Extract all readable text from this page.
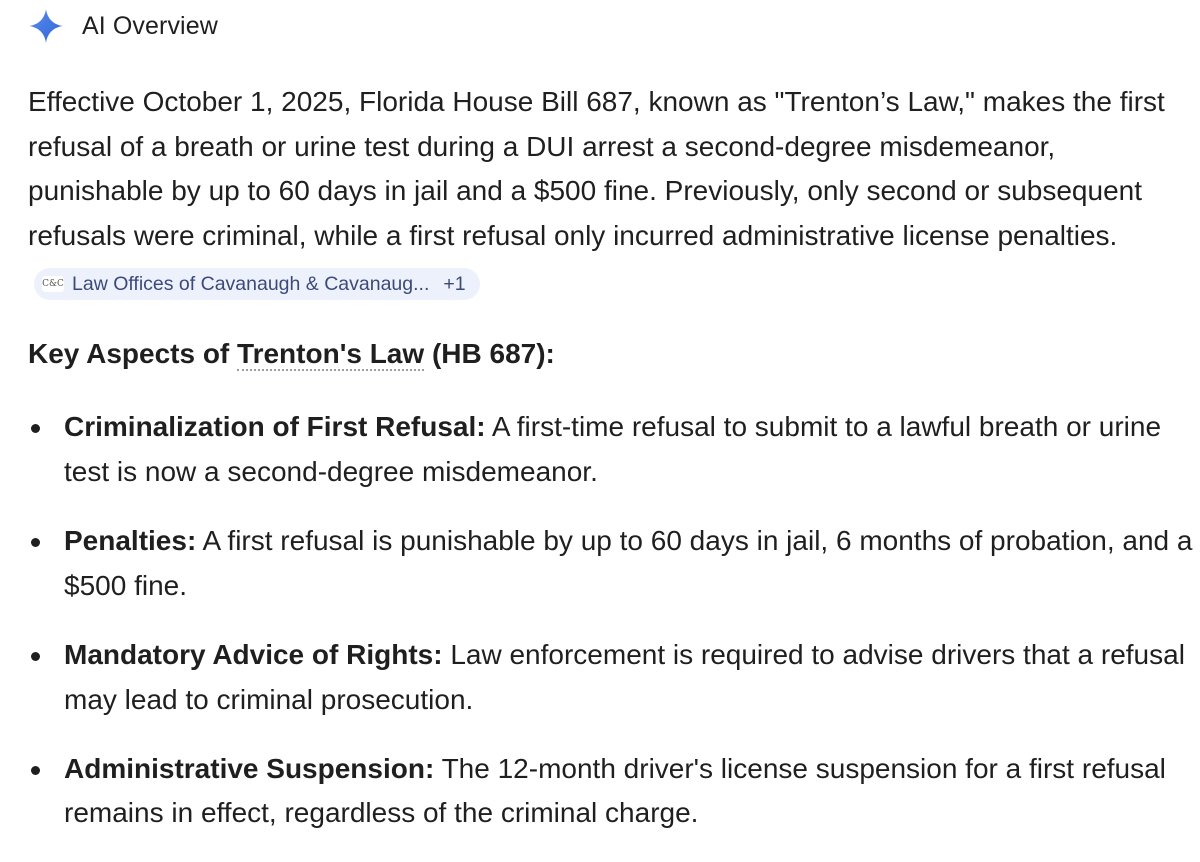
AI Overview

Effective October 1, 2025, Florida House Bill 687, known as "Trenton’s Law," makes the first refusal of a breath or urine test during a DUI arrest a second-degree misdemeanor, punishable by up to 60 days in jail and a $500 fine. Previously, only second or subsequent refusals were criminal, while a first refusal only incurred administrative license penalties.
C&C Law Offices of Cavanaugh & Cavanaug... +1

Key Aspects of Trenton's Law (HB 687):

Criminalization of First Refusal: A first-time refusal to submit to a lawful breath or urine test is now a second-degree misdemeanor.
Penalties: A first refusal is punishable by up to 60 days in jail, 6 months of probation, and a $500 fine.
Mandatory Advice of Rights: Law enforcement is required to advise drivers that a refusal may lead to criminal prosecution.
Administrative Suspension: The 12-month driver's license suspension for a first refusal remains in effect, regardless of the criminal charge.
